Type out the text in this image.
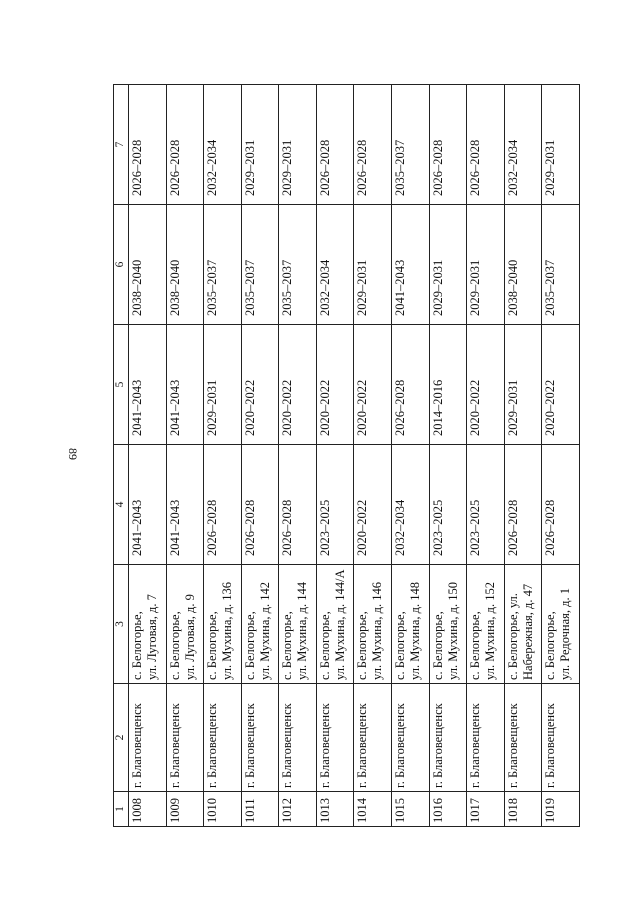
89
1	2	3	4	5	6	7
1008	г. Благовещенск	с. Белогорье, ул. Луговая, д. 7	2041–2043	2041–2043	2038–2040	2026–2028
1009	г. Благовещенск	с. Белогорье, ул. Луговая, д. 9	2041–2043	2041–2043	2038–2040	2026–2028
1010	г. Благовещенск	с. Белогорье, ул. Мухина, д. 136	2026–2028	2029–2031	2035–2037	2032–2034
1011	г. Благовещенск	с. Белогорье, ул. Мухина, д. 142	2026–2028	2020–2022	2035–2037	2029–2031
1012	г. Благовещенск	с. Белогорье, ул. Мухина, д. 144	2026–2028	2020–2022	2035–2037	2029–2031
1013	г. Благовещенск	с. Белогорье, ул. Мухина, д. 144/А	2023–2025	2020–2022	2032–2034	2026–2028
1014	г. Благовещенск	с. Белогорье, ул. Мухина, д. 146	2020–2022	2020–2022	2029–2031	2026–2028
1015	г. Благовещенск	с. Белогорье, ул. Мухина, д. 148	2032–2034	2026–2028	2041–2043	2035–2037
1016	г. Благовещенск	с. Белогорье, ул. Мухина, д. 150	2023–2025	2014–2016	2029–2031	2026–2028
1017	г. Благовещенск	с. Белогорье, ул. Мухина, д. 152	2023–2025	2020–2022	2029–2031	2026–2028
1018	г. Благовещенск	с. Белогорье, ул. Набережная, д. 47	2026–2028	2029–2031	2038–2040	2032–2034
1019	г. Благовещенск	с. Белогорье, ул. Редочная, д. 1	2026–2028	2020–2022	2035–2037	2029–2031
